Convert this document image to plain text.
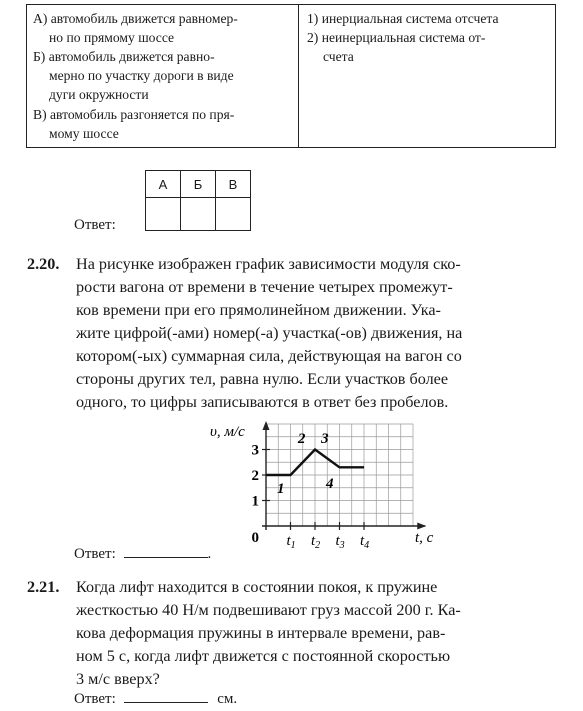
А) автомобиль движется равномер-
но по прямому шоссе
Б) автомобиль движется равно-
мерно по участку дороги в виде
дуги окружности
В) автомобиль разгоняется по пря-
мому шоссе
1) инерциальная система отсчета
2) неинерциальная система от-
счета
Ответ:
А	Б	В

2.20. На рисунке изображен график зависимости модуля ско-
рости вагона от времени в течение четырех промежут-
ков времени при его прямолинейном движении. Ука-
жите цифрой(-ами) номер(-а) участка(-ов) движения, на
котором(-ых) суммарная сила, действующая на вагон со
стороны других тел, равна нулю. Если участков более
одного, то цифры записываются в ответ без пробелов.
0
1
2
3
$t_1$ $t_2$ $t_3$ $t_4$
υ, м/с
t, с
1
2 3
4
Ответ:	.
2.21. Когда лифт находится в состоянии покоя, к пружине
жесткостью 40 Н/м подвешивают груз массой 200 г. Ка-
кова деформация пружины в интервале времени, рав-
ном 5 с, когда лифт движется с постоянной скоростью
3 м/с вверх?
Ответ:	см.
